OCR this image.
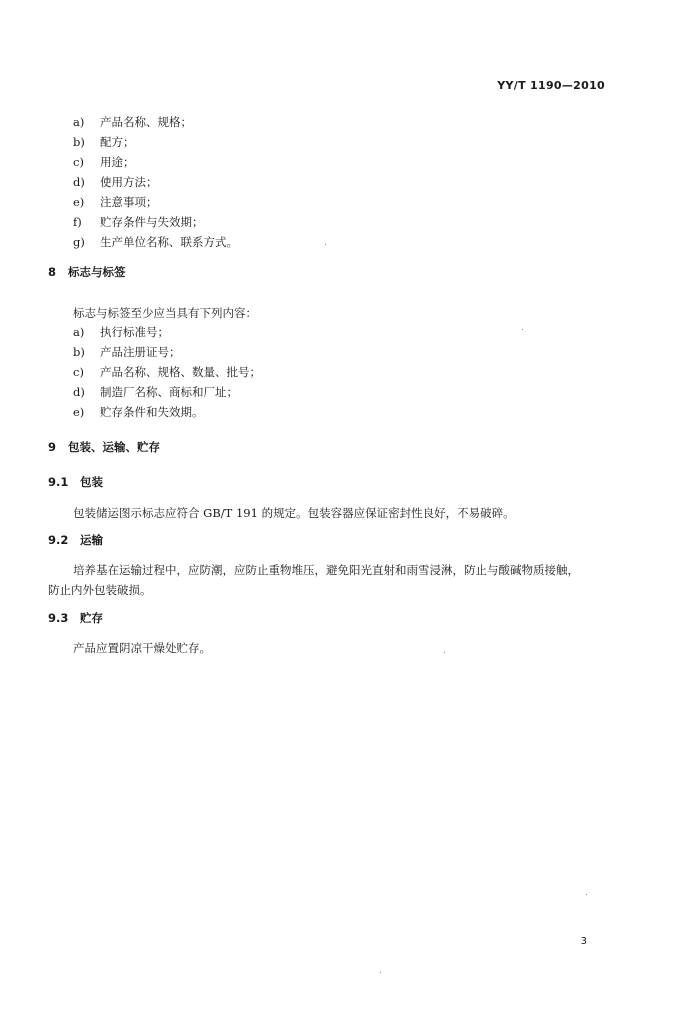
YY/T 1190—2010
a) 产品名称、规格；
b) 配方；
c) 用途；
d) 使用方法；
e) 注意事项；
f) 贮存条件与失效期；
g) 生产单位名称、联系方式。
8 标志与标签
标志与标签至少应当具有下列内容：
a) 执行标准号；
b) 产品注册证号；
c) 产品名称、规格、数量、批号；
d) 制造厂名称、商标和厂址；
e) 贮存条件和失效期。
9 包装、运输、贮存
9.1 包装
包装储运图示标志应符合 GB/T 191 的规定。包装容器应保证密封性良好，不易破碎。
9.2 运输
培养基在运输过程中，应防潮，应防止重物堆压，避免阳光直射和雨雪浸淋，防止与酸碱物质接触，
防止内外包装破损。
9.3 贮存
产品应置阴凉干燥处贮存。
3
